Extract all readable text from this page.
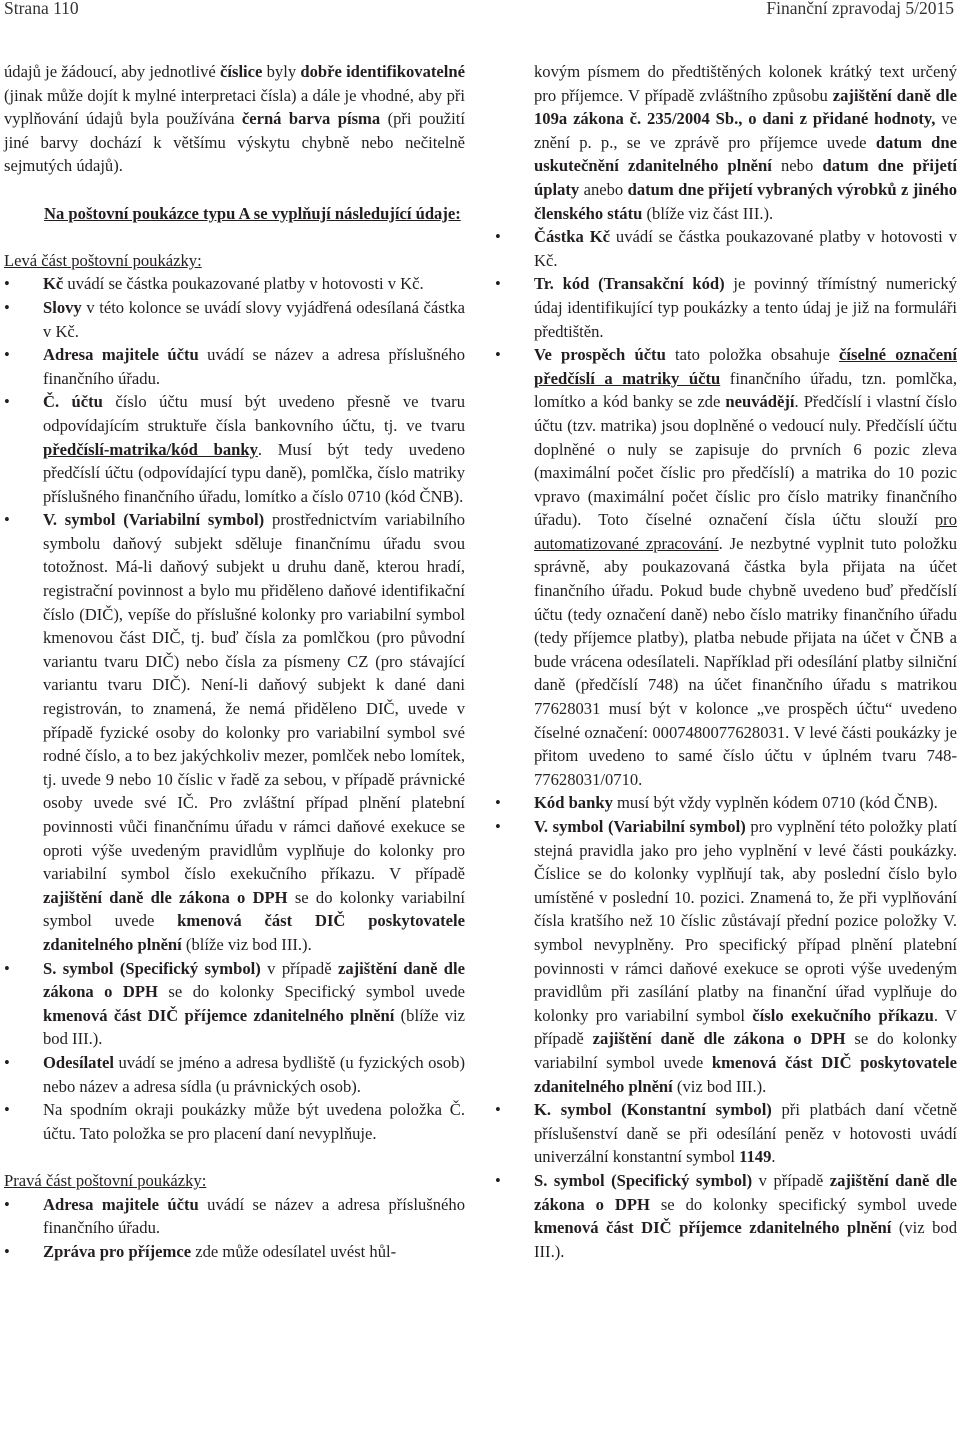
Strana 110	Finanční zpravodaj 5/2015

údajů je žádoucí, aby jednotlivé číslice byly dobře identifikovatelné (jinak může dojít k mylné interpretaci čísla) a dále je vhodné, aby při vyplňování údajů byla používána černá barva písma (při použití jiné barvy dochází k většímu výskytu chybně nebo nečitelně sejmutých údajů).

Na poštovní poukázce typu A se vyplňují následující údaje:

Levá část poštovní poukázky:

• Kč uvádí se částka poukazované platby v hotovosti v Kč.

• Slovy v této kolonce se uvádí slovy vyjádřená odesílaná částka v Kč.

• Adresa majitele účtu uvádí se název a adresa příslušného finančního úřadu.

• Č. účtu číslo účtu musí být uvedeno přesně ve tvaru odpovídajícím struktuře čísla bankovního účtu, tj. ve tvaru předčíslí-matrika/kód banky. Musí být tedy uvedeno předčíslí účtu (odpovídající typu daně), pomlčka, číslo matriky příslušného finančního úřadu, lomítko a číslo 0710 (kód ČNB).

• V. symbol (Variabilní symbol) prostřednictvím variabilního symbolu daňový subjekt sděluje finančnímu úřadu svou totožnost. Má-li daňový subjekt u druhu daně, kterou hradí, registrační povinnost a bylo mu přiděleno daňové identifikační číslo (DIČ), vepíše do příslušné kolonky pro variabilní symbol kmenovou část DIČ, tj. buď čísla za pomlčkou (pro původní variantu tvaru DIČ) nebo čísla za písmeny CZ (pro stávající variantu tvaru DIČ). Není-li daňový subjekt k dané dani registrován, to znamená, že nemá přiděleno DIČ, uvede v případě fyzické osoby do kolonky pro variabilní symbol své rodné číslo, a to bez jakýchkoliv mezer, pomlček nebo lomítek, tj. uvede 9 nebo 10 číslic v řadě za sebou, v případě právnické osoby uvede své IČ. Pro zvláštní případ plnění platební povinnosti vůči finančnímu úřadu v rámci daňové exekuce se oproti výše uvedeným pravidlům vyplňuje do kolonky pro variabilní symbol číslo exekučního příkazu. V případě zajištění daně dle zákona o DPH se do kolonky variabilní symbol uvede kmenová část DIČ poskytovatele zdanitelného plnění (blíže viz bod III.).

• S. symbol (Specifický symbol) v případě zajištění daně dle zákona o DPH se do kolonky Specifický symbol uvede kmenová část DIČ příjemce zdanitelného plnění (blíže viz bod III.).

• Odesílatel uvádí se jméno a adresa bydliště (u fyzických osob) nebo název a adresa sídla (u právnických osob).

• Na spodním okraji poukázky může být uvedena položka Č. účtu. Tato položka se pro placení daní nevyplňuje.

Pravá část poštovní poukázky:

• Adresa majitele účtu uvádí se název a adresa příslušného finančního úřadu.

• Zpráva pro příjemce zde může odesílatel uvést hůl-

kovým písmem do předtištěných kolonek krátký text určený pro příjemce. V případě zvláštního způsobu zajištění daně dle 109a zákona č. 235/2004 Sb., o dani z přidané hodnoty, ve znění p. p., se ve zprávě pro příjemce uvede datum dne uskutečnění zdanitelného plnění nebo datum dne přijetí úplaty anebo datum dne přijetí vybraných výrobků z jiného členského státu (blíže viz část III.).

• Částka Kč uvádí se částka poukazované platby v hotovosti v Kč.

• Tr. kód (Transakční kód) je povinný třímístný numerický údaj identifikující typ poukázky a tento údaj je již na formuláři předtištěn.

• Ve prospěch účtu tato položka obsahuje číselné označení předčíslí a matriky účtu finančního úřadu, tzn. pomlčka, lomítko a kód banky se zde neuvádějí. Předčíslí i vlastní číslo účtu (tzv. matrika) jsou doplněné o vedoucí nuly. Předčíslí účtu doplněné o nuly se zapisuje do prvních 6 pozic zleva (maximální počet číslic pro předčíslí) a matrika do 10 pozic vpravo (maximální počet číslic pro číslo matriky finančního úřadu). Toto číselné označení čísla účtu slouží pro automatizované zpracování. Je nezbytné vyplnit tuto položku správně, aby poukazovaná částka byla přijata na účet finančního úřadu. Pokud bude chybně uvedeno buď předčíslí účtu (tedy označení daně) nebo číslo matriky finančního úřadu (tedy příjemce platby), platba nebude přijata na účet v ČNB a bude vrácena odesílateli. Například při odesílání platby silniční daně (předčíslí 748) na účet finančního úřadu s matrikou 77628031 musí být v kolonce „ve prospěch účtu“ uvedeno číselné označení: 0007480077628031. V levé části poukázky je přitom uvedeno to samé číslo účtu v úplném tvaru 748-77628031/0710.

• Kód banky musí být vždy vyplněn kódem 0710 (kód ČNB).

• V. symbol (Variabilní symbol) pro vyplnění této položky platí stejná pravidla jako pro jeho vyplnění v levé části poukázky. Číslice se do kolonky vyplňují tak, aby poslední číslo bylo umístěné v poslední 10. pozici. Znamená to, že při vyplňování čísla kratšího než 10 číslic zůstávají přední pozice položky V. symbol nevyplněny. Pro specifický případ plnění platební povinnosti v rámci daňové exekuce se oproti výše uvedeným pravidlům při zasílání platby na finanční úřad vyplňuje do kolonky pro variabilní symbol číslo exekučního příkazu. V případě zajištění daně dle zákona o DPH se do kolonky variabilní symbol uvede kmenová část DIČ poskytovatele zdanitelného plnění (viz bod III.).

• K. symbol (Konstantní symbol) při platbách daní včetně příslušenství daně se při odesílání peněz v hotovosti uvádí univerzální konstantní symbol 1149.

• S. symbol (Specifický symbol) v případě zajištění daně dle zákona o DPH se do kolonky specifický symbol uvede kmenová část DIČ příjemce zdanitelného plnění (viz bod III.).
